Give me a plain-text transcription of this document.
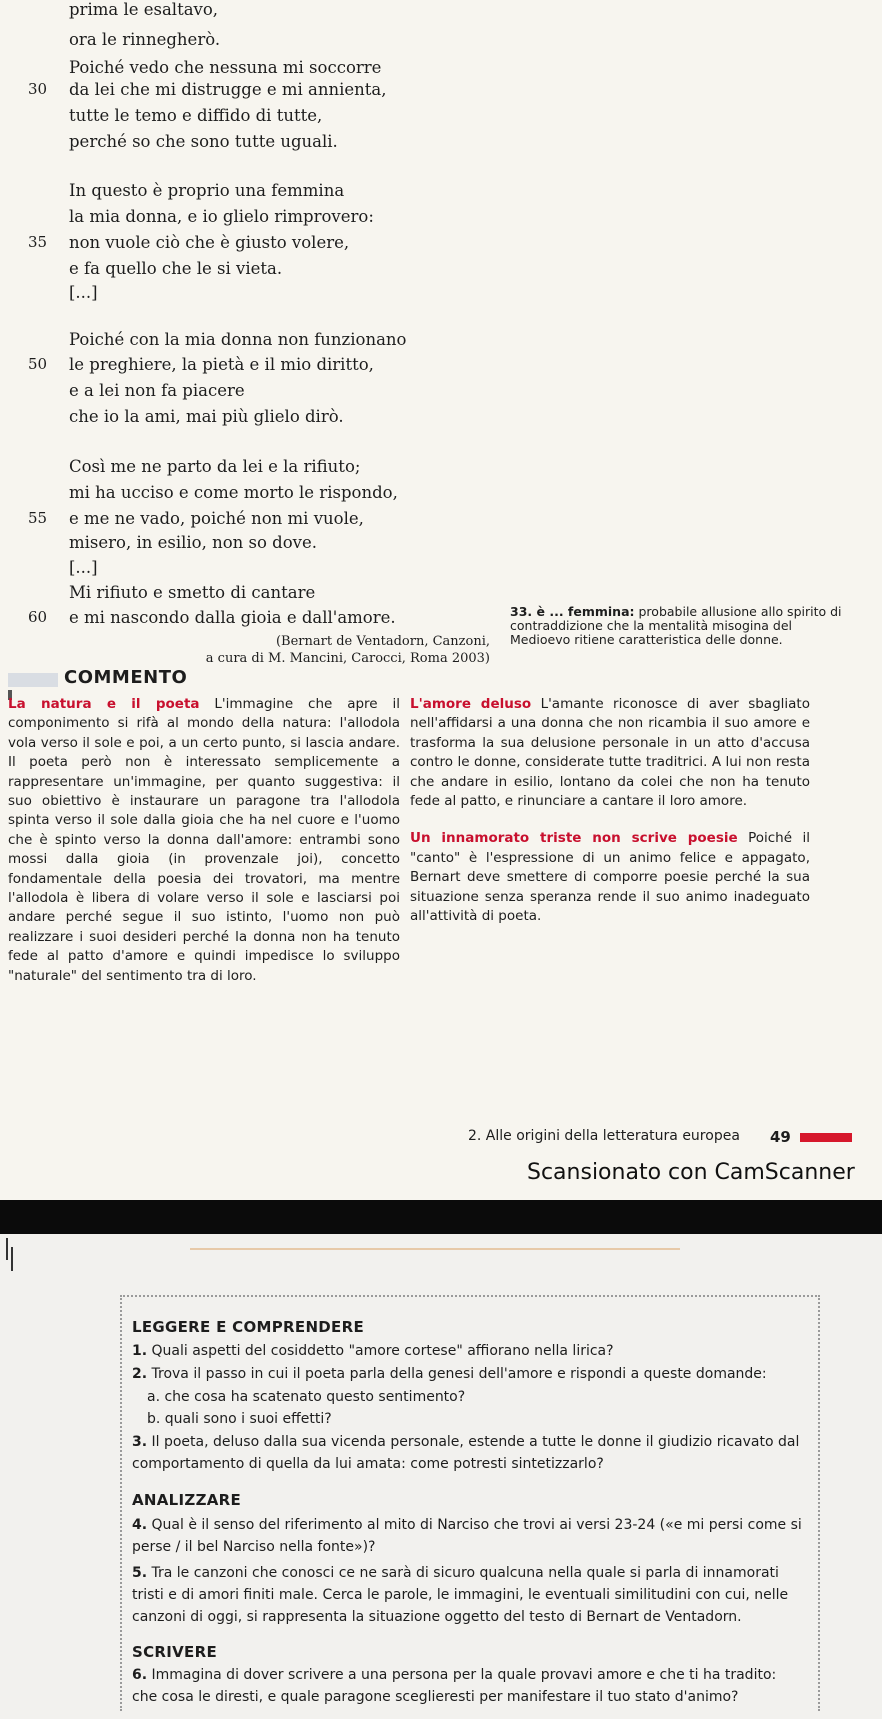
prima le esaltavo,
ora le rinnegherò.
Poiché vedo che nessuna mi soccorre
30 da lei che mi distrugge e mi annienta,
tutte le temo e diffido di tutte,
perché so che sono tutte uguali.
In questo è proprio una femmina
la mia donna, e io glielo rimprovero:
35 non vuole ciò che è giusto volere,
e fa quello che le si vieta.
[...]
Poiché con la mia donna non funzionano
50 le preghiere, la pietà e il mio diritto,
e a lei non fa piacere
che io la ami, mai più glielo dirò.
Così me ne parto da lei e la rifiuto;
mi ha ucciso e come morto le rispondo,
55 e me ne vado, poiché non mi vuole,
misero, in esilio, non so dove.
[...]
Mi rifiuto e smetto di cantare
60 e mi nascondo dalla gioia e dall'amore.
(Bernart de Ventadorn, Canzoni,
a cura di M. Mancini, Carocci, Roma 2003)
33. è ... femmina: probabile allusione allo spirito di contraddizione che la mentalità misogina del Medioevo ritiene caratteristica delle donne.
COMMENTO

La natura e il poeta L'immagine che apre il componimento si rifà al mondo della natura: l'allodola vola verso il sole e poi, a un certo punto, si lascia andare. Il poeta però non è interessato semplicemente a rappresentare un'immagine, per quanto suggestiva: il suo obiettivo è instaurare un paragone tra l'allodola spinta verso il sole dalla gioia che ha nel cuore e l'uomo che è spinto verso la donna dall'amore: entrambi sono mossi dalla gioia (in provenzale joi), concetto fondamentale della poesia dei trovatori, ma mentre l'allodola è libera di volare verso il sole e lasciarsi poi andare perché segue il suo istinto, l'uomo non può realizzare i suoi desideri perché la donna non ha tenuto fede al patto d'amore e quindi impedisce lo sviluppo "naturale" del sentimento tra di loro.

L'amore deluso L'amante riconosce di aver sbagliato nell'affidarsi a una donna che non ricambia il suo amore e trasforma la sua delusione personale in un atto d'accusa contro le donne, considerate tutte traditrici. A lui non resta che andare in esilio, lontano da colei che non ha tenuto fede al patto, e rinunciare a cantare il loro amore.

Un innamorato triste non scrive poesie Poiché il "canto" è l'espressione di un animo felice e appagato, Bernart deve smettere di comporre poesie perché la sua situazione senza speranza rende il suo animo inadeguato all'attività di poeta.

2. Alle origini della letteratura europea 49
Scansionato con CamScanner
LEGGERE E COMPRENDERE
1. Quali aspetti del cosiddetto "amore cortese" affiorano nella lirica?
2. Trova il passo in cui il poeta parla della genesi dell'amore e rispondi a queste domande:
a. che cosa ha scatenato questo sentimento?
b. quali sono i suoi effetti?
3. Il poeta, deluso dalla sua vicenda personale, estende a tutte le donne il giudizio ricavato dal comportamento di quella da lui amata: come potresti sintetizzarlo?
ANALIZZARE
4. Qual è il senso del riferimento al mito di Narciso che trovi ai versi 23-24 («e mi persi come si perse / il bel Narciso nella fonte»)?
5. Tra le canzoni che conosci ce ne sarà di sicuro qualcuna nella quale si parla di innamorati tristi e di amori finiti male. Cerca le parole, le immagini, le eventuali similitudini con cui, nelle canzoni di oggi, si rappresenta la situazione oggetto del testo di Bernart de Ventadorn.
SCRIVERE
6. Immagina di dover scrivere a una persona per la quale provavi amore e che ti ha tradito: che cosa le diresti, e quale paragone sceglieresti per manifestare il tuo stato d'animo?
